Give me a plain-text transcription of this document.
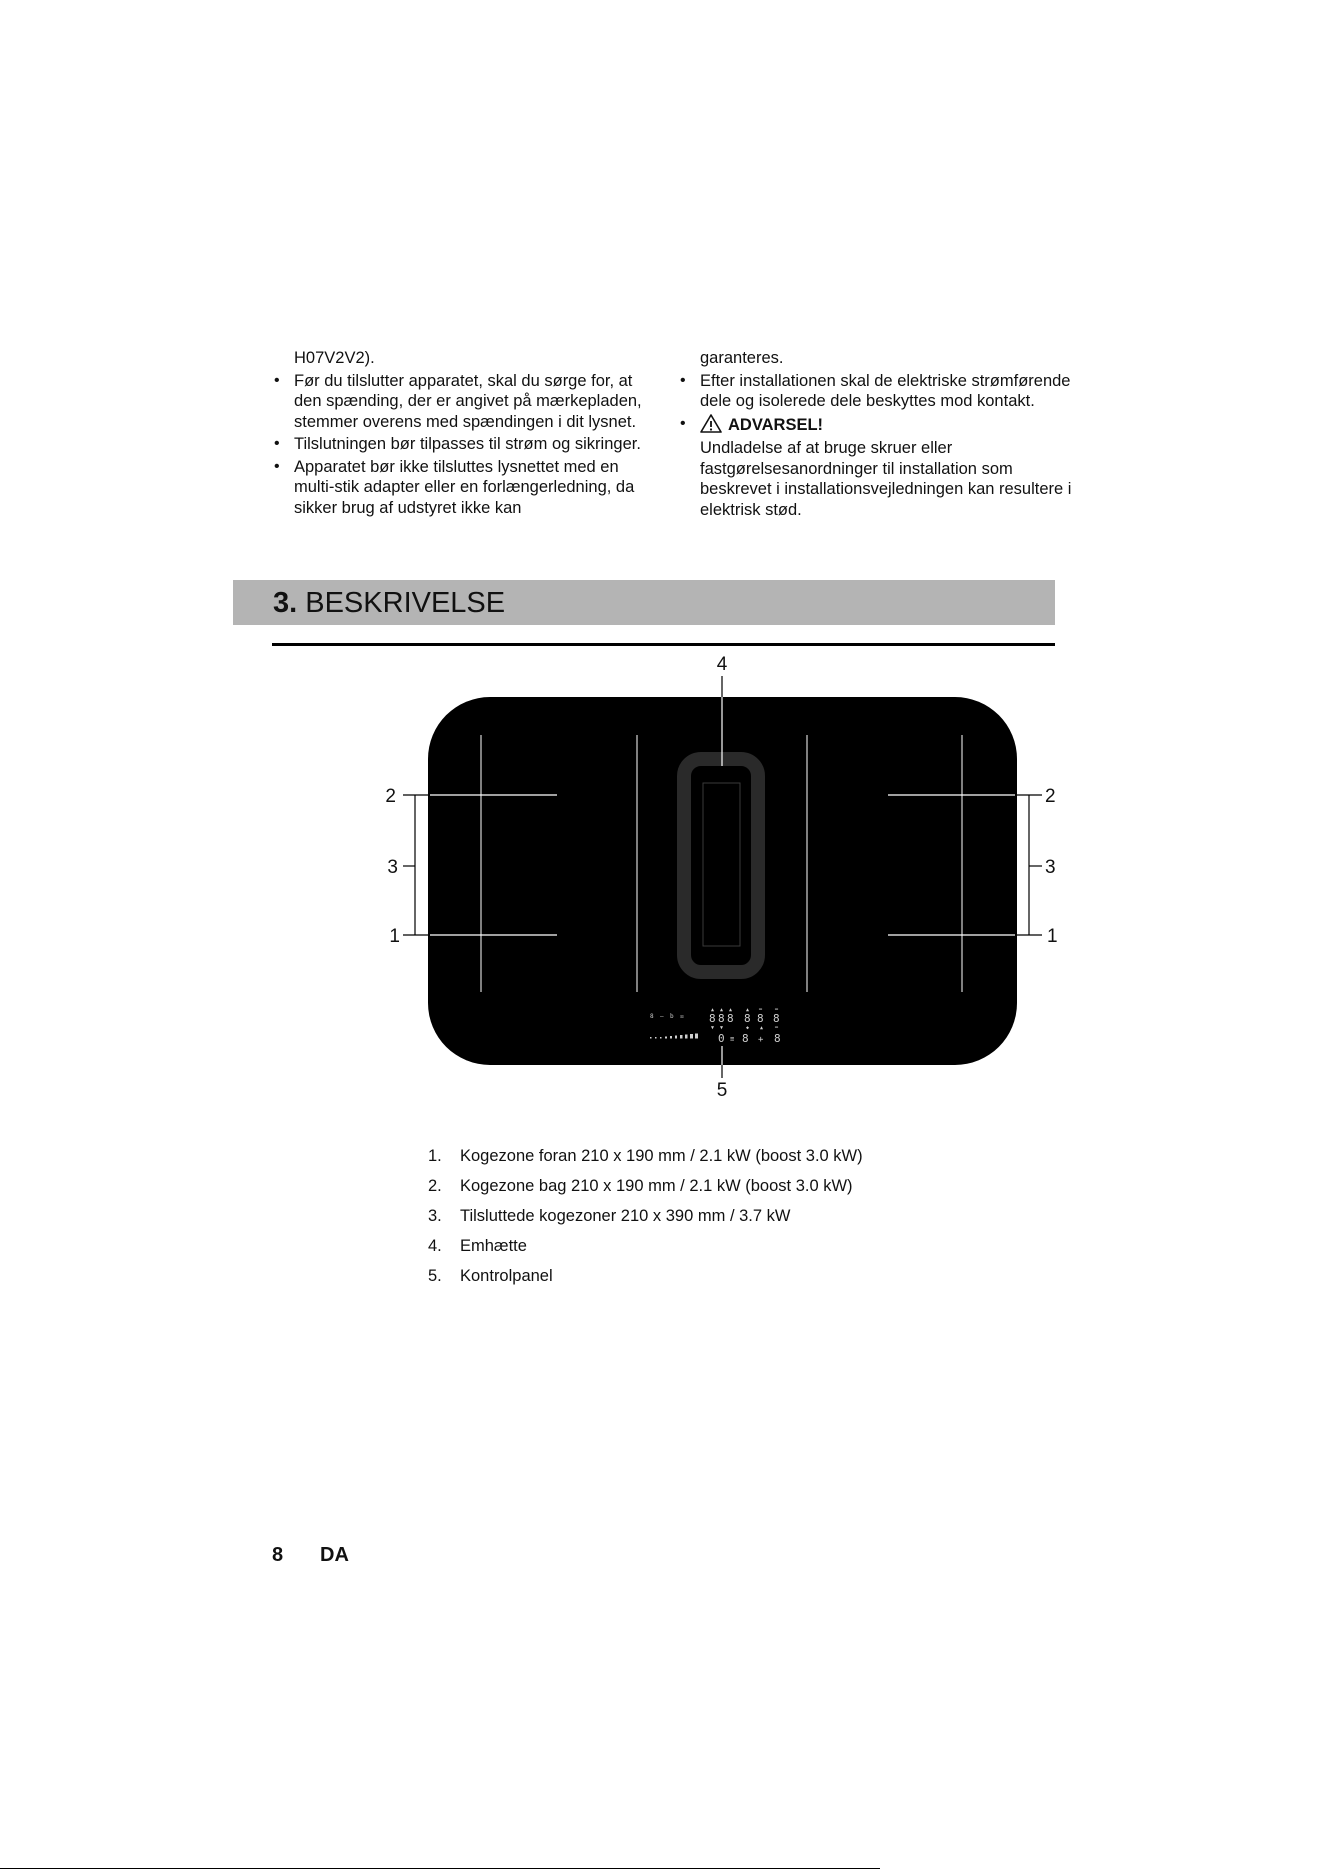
H07V2V2).
• Før du tilslutter apparatet, skal du sørge for, at den spænding, der er angivet på mærkepladen, stemmer overens med spændingen i dit lysnet.
• Tilslutningen bør tilpasses til strøm og sikringer.
• Apparatet bør ikke tilsluttes lysnettet med en multi-stik adapter eller en forlængerledning, da sikker brug af udstyret ikke kan
garanteres.
• Efter installationen skal de elektriske strømførende dele og isolerede dele beskyttes mod kontakt.
• ADVARSEL!
Undladelse af at bruge skruer eller fastgørelsesanordninger til installation som beskrevet i installationsvejledningen kan resultere i elektrisk stød.
3. BESKRIVELSE
8 – b ☒ 8 8 8 8 8 8
0 8 8
▲ ▲ ▲	▲ ═	═
▼ ▼	◆ ▲ ═
≡	+
4
5
2
3
1
2
3
1
1.	Kogezone foran 210 x 190 mm / 2.1 kW (boost 3.0 kW)
2.	Kogezone bag 210 x 190 mm / 2.1 kW (boost 3.0 kW)
3.	Tilsluttede kogezoner 210 x 390 mm / 3.7 kW
4.	Emhætte
5.	Kontrolpanel
8 DA
